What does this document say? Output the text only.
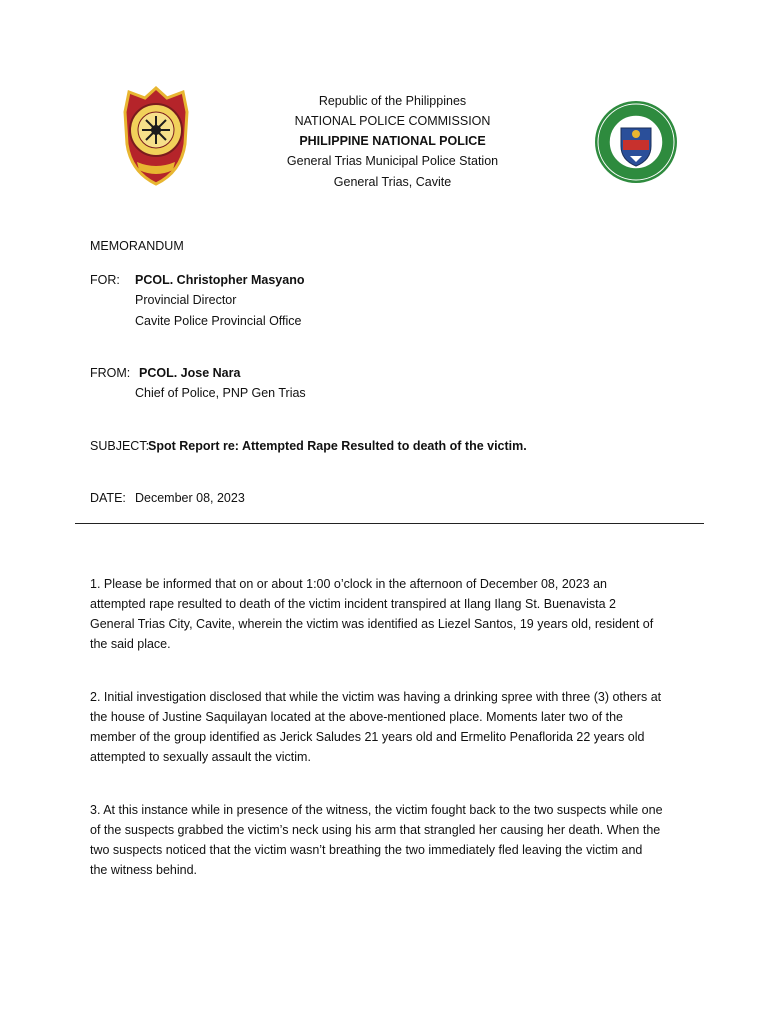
Republic of the Philippines
NATIONAL POLICE COMMISSION
PHILIPPINE NATIONAL POLICE
General Trias Municipal Police Station
General Trias, Cavite
MEMORANDUM
FOR: PCOL. Christopher Masyano
Provincial Director
Cavite Police Provincial Office
FROM: PCOL. Jose Nara
Chief of Police, PNP Gen Trias
SUBJECT:
Spot Report re: Attempted Rape Resulted to death of the victim.
DATE: December 08, 2023
1. Please be informed that on or about 1:00 o’clock in the afternoon of December 08, 2023 an
attempted rape resulted to death of the victim incident transpired at Ilang Ilang St. Buenavista 2
General Trias City, Cavite, wherein the victim was identified as Liezel Santos, 19 years old, resident of
the said place.
2. Initial investigation disclosed that while the victim was having a drinking spree with three (3) others at
the house of Justine Saquilayan located at the above-mentioned place. Moments later two of the
member of the group identified as Jerick Saludes 21 years old and Ermelito Penaflorida 22 years old
attempted to sexually assault the victim.
3. At this instance while in presence of the witness, the victim fought back to the two suspects while one
of the suspects grabbed the victim’s neck using his arm that strangled her causing her death. When the
two suspects noticed that the victim wasn’t breathing the two immediately fled leaving the victim and
the witness behind.
